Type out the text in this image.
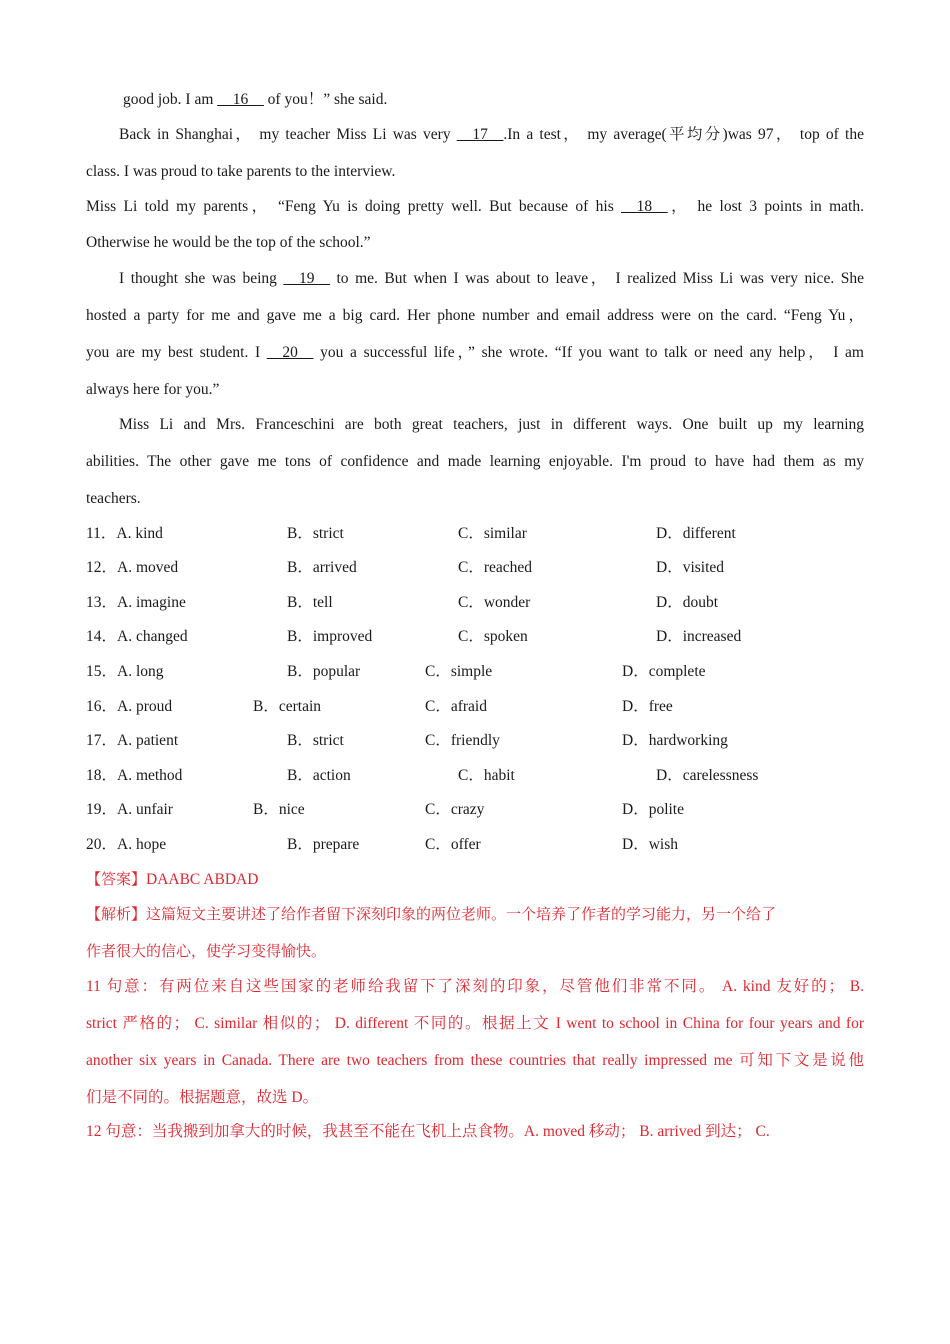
good job. I am __16__ of you！” she said.
Back in Shanghai， my teacher Miss Li was very __17__.In a test， my average(平均分)was 97， top of the
class. I was proud to take parents to the interview.
Miss Li told my parents， “Feng Yu is doing pretty well. But because of his __18__， he lost 3 points in math.
Otherwise he would be the top of the school.”
I thought she was being __19__ to me. But when I was about to leave， I realized Miss Li was very nice. She
hosted a party for me and gave me a big card. Her phone number and email address were on the card. “Feng Yu，
you are my best student. I __20__ you a successful life，” she wrote. “If you want to talk or need any help， I am
always here for you.”
Miss Li and Mrs. Franceschini are both great teachers, just in different ways. One built up my learning
abilities. The other gave me tons of confidence and made learning enjoyable. I'm proud to have had them as my
teachers.
11．A. kind	B．strict	C．similar	D．different
12．A. moved	B．arrived	C．reached	D．visited
13．A. imagine	B．tell	C．wonder	D．doubt
14．A. changed	B．improved	C．spoken	D．increased
15．A. long	B．popular	C．simple	D．complete
16．A. proud	B．certain	C．afraid	D．free
17．A. patient	B．strict	C．friendly	D．hardworking
18．A. method	B．action	C．habit	D．carelessness
19．A. unfair	B．nice	C．crazy	D．polite
20．A. hope	B．prepare	C．offer	D．wish
【答案】DAABC ABDAD
【解析】这篇短文主要讲述了给作者留下深刻印象的两位老师。一个培养了作者的学习能力，另一个给了
作者很大的信心，使学习变得愉快。
11 句意：有两位来自这些国家的老师给我留下了深刻的印象，尽管他们非常不同。 A. kind 友好的； B.
strict 严格的； C. similar 相似的； D. different 不同的。根据上文 I went to school in China for four years and for
another six years in Canada. There are two teachers from these countries that really impressed me 可知下文是说他
们是不同的。根据题意，故选 D。
12 句意：当我搬到加拿大的时候，我甚至不能在飞机上点食物。A. moved 移动； B. arrived 到达； C.
